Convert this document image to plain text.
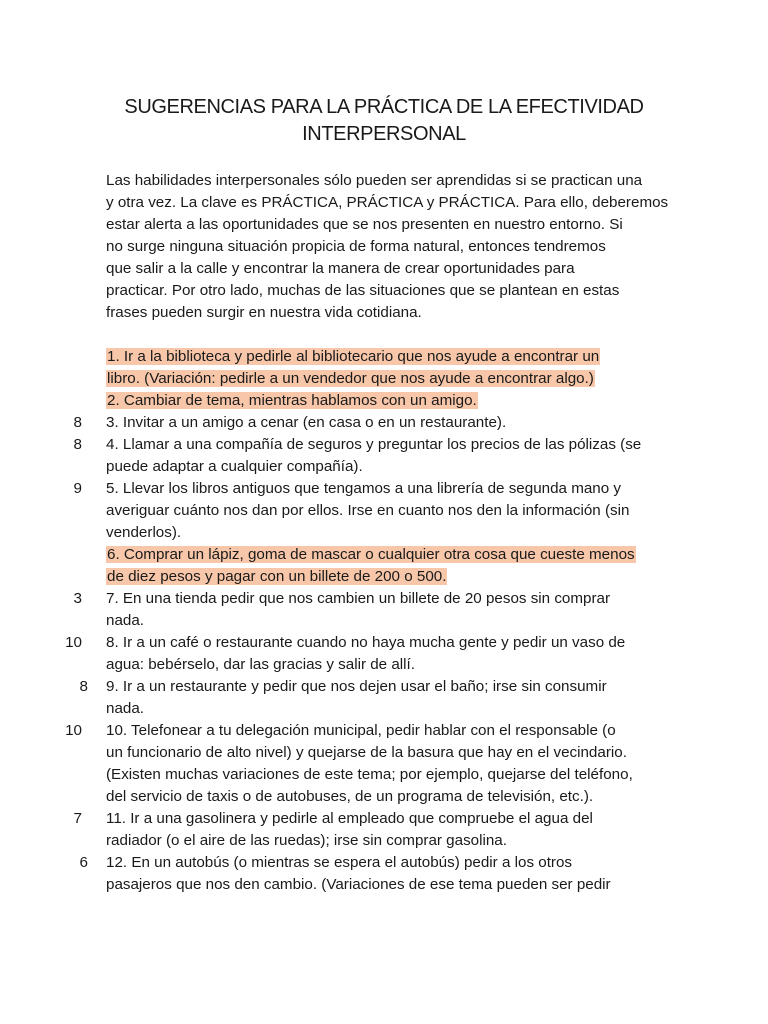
SUGERENCIAS PARA LA PRÁCTICA DE LA EFECTIVIDAD
INTERPERSONAL
Las habilidades interpersonales sólo pueden ser aprendidas si se practican una
y otra vez. La clave es PRÁCTICA, PRÁCTICA y PRÁCTICA. Para ello, deberemos
estar alerta a las oportunidades que se nos presenten en nuestro entorno. Si
no surge ninguna situación propicia de forma natural, entonces tendremos
que salir a la calle y encontrar la manera de crear oportunidades para
practicar. Por otro lado, muchas de las situaciones que se plantean en estas
frases pueden surgir en nuestra vida cotidiana.
1. Ir a la biblioteca y pedirle al bibliotecario que nos ayude a encontrar un
libro. (Variación: pedirle a un vendedor que nos ayude a encontrar algo.)
2. Cambiar de tema, mientras hablamos con un amigo.
8 3. Invitar a un amigo a cenar (en casa o en un restaurante).
8 4. Llamar a una compañía de seguros y preguntar los precios de las pólizas (se
puede adaptar a cualquier compañía).
9 5. Llevar los libros antiguos que tengamos a una librería de segunda mano y
averiguar cuánto nos dan por ellos. Irse en cuanto nos den la información (sin
venderlos).
6. Comprar un lápiz, goma de mascar o cualquier otra cosa que cueste menos
de diez pesos y pagar con un billete de 200 o 500.
3 7. En una tienda pedir que nos cambien un billete de 20 pesos sin comprar
nada.
10 8. Ir a un café o restaurante cuando no haya mucha gente y pedir un vaso de
agua: bebérselo, dar las gracias y salir de allí.
8 9. Ir a un restaurante y pedir que nos dejen usar el baño; irse sin consumir
nada.
10 10. Telefonear a tu delegación municipal, pedir hablar con el responsable (o
un funcionario de alto nivel) y quejarse de la basura que hay en el vecindario.
(Existen muchas variaciones de este tema; por ejemplo, quejarse del teléfono,
del servicio de taxis o de autobuses, de un programa de televisión, etc.).
7 11. Ir a una gasolinera y pedirle al empleado que compruebe el agua del
radiador (o el aire de las ruedas); irse sin comprar gasolina.
6 12. En un autobús (o mientras se espera el autobús) pedir a los otros
pasajeros que nos den cambio. (Variaciones de ese tema pueden ser pedir
